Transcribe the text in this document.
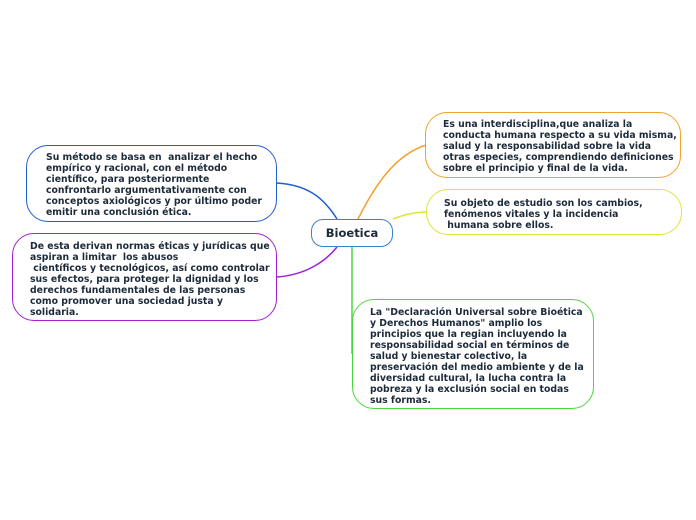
Bioetica
Su método se basa en  analizar el hecho
empírico y racional, con el método
científico, para posteriormente
confrontarlo argumentativamente con
conceptos axiológicos y por último poder
emitir una conclusión ética.
De esta derivan normas éticas y jurídicas que
aspiran a limitar  los abusos
científicos y tecnológicos, así como controlar
sus efectos, para proteger la dignidad y los
derechos fundamentales de las personas
como promover una sociedad justa y
solidaria.
Es una interdisciplina,que analiza la
conducta humana respecto a su vida misma,
salud y la responsabilidad sobre la vida
otras especies, comprendiendo definiciones
sobre el principio y final de la vida.
Su objeto de estudio son los cambios,
fenómenos vitales y la incidencia
humana sobre ellos.
La "Declaración Universal sobre Bioética
y Derechos Humanos" amplio los
principios que la regian incluyendo la
responsabilidad social en términos de
salud y bienestar colectivo, la
preservación del medio ambiente y de la
diversidad cultural, la lucha contra la
pobreza y la exclusión social en todas
sus formas.
